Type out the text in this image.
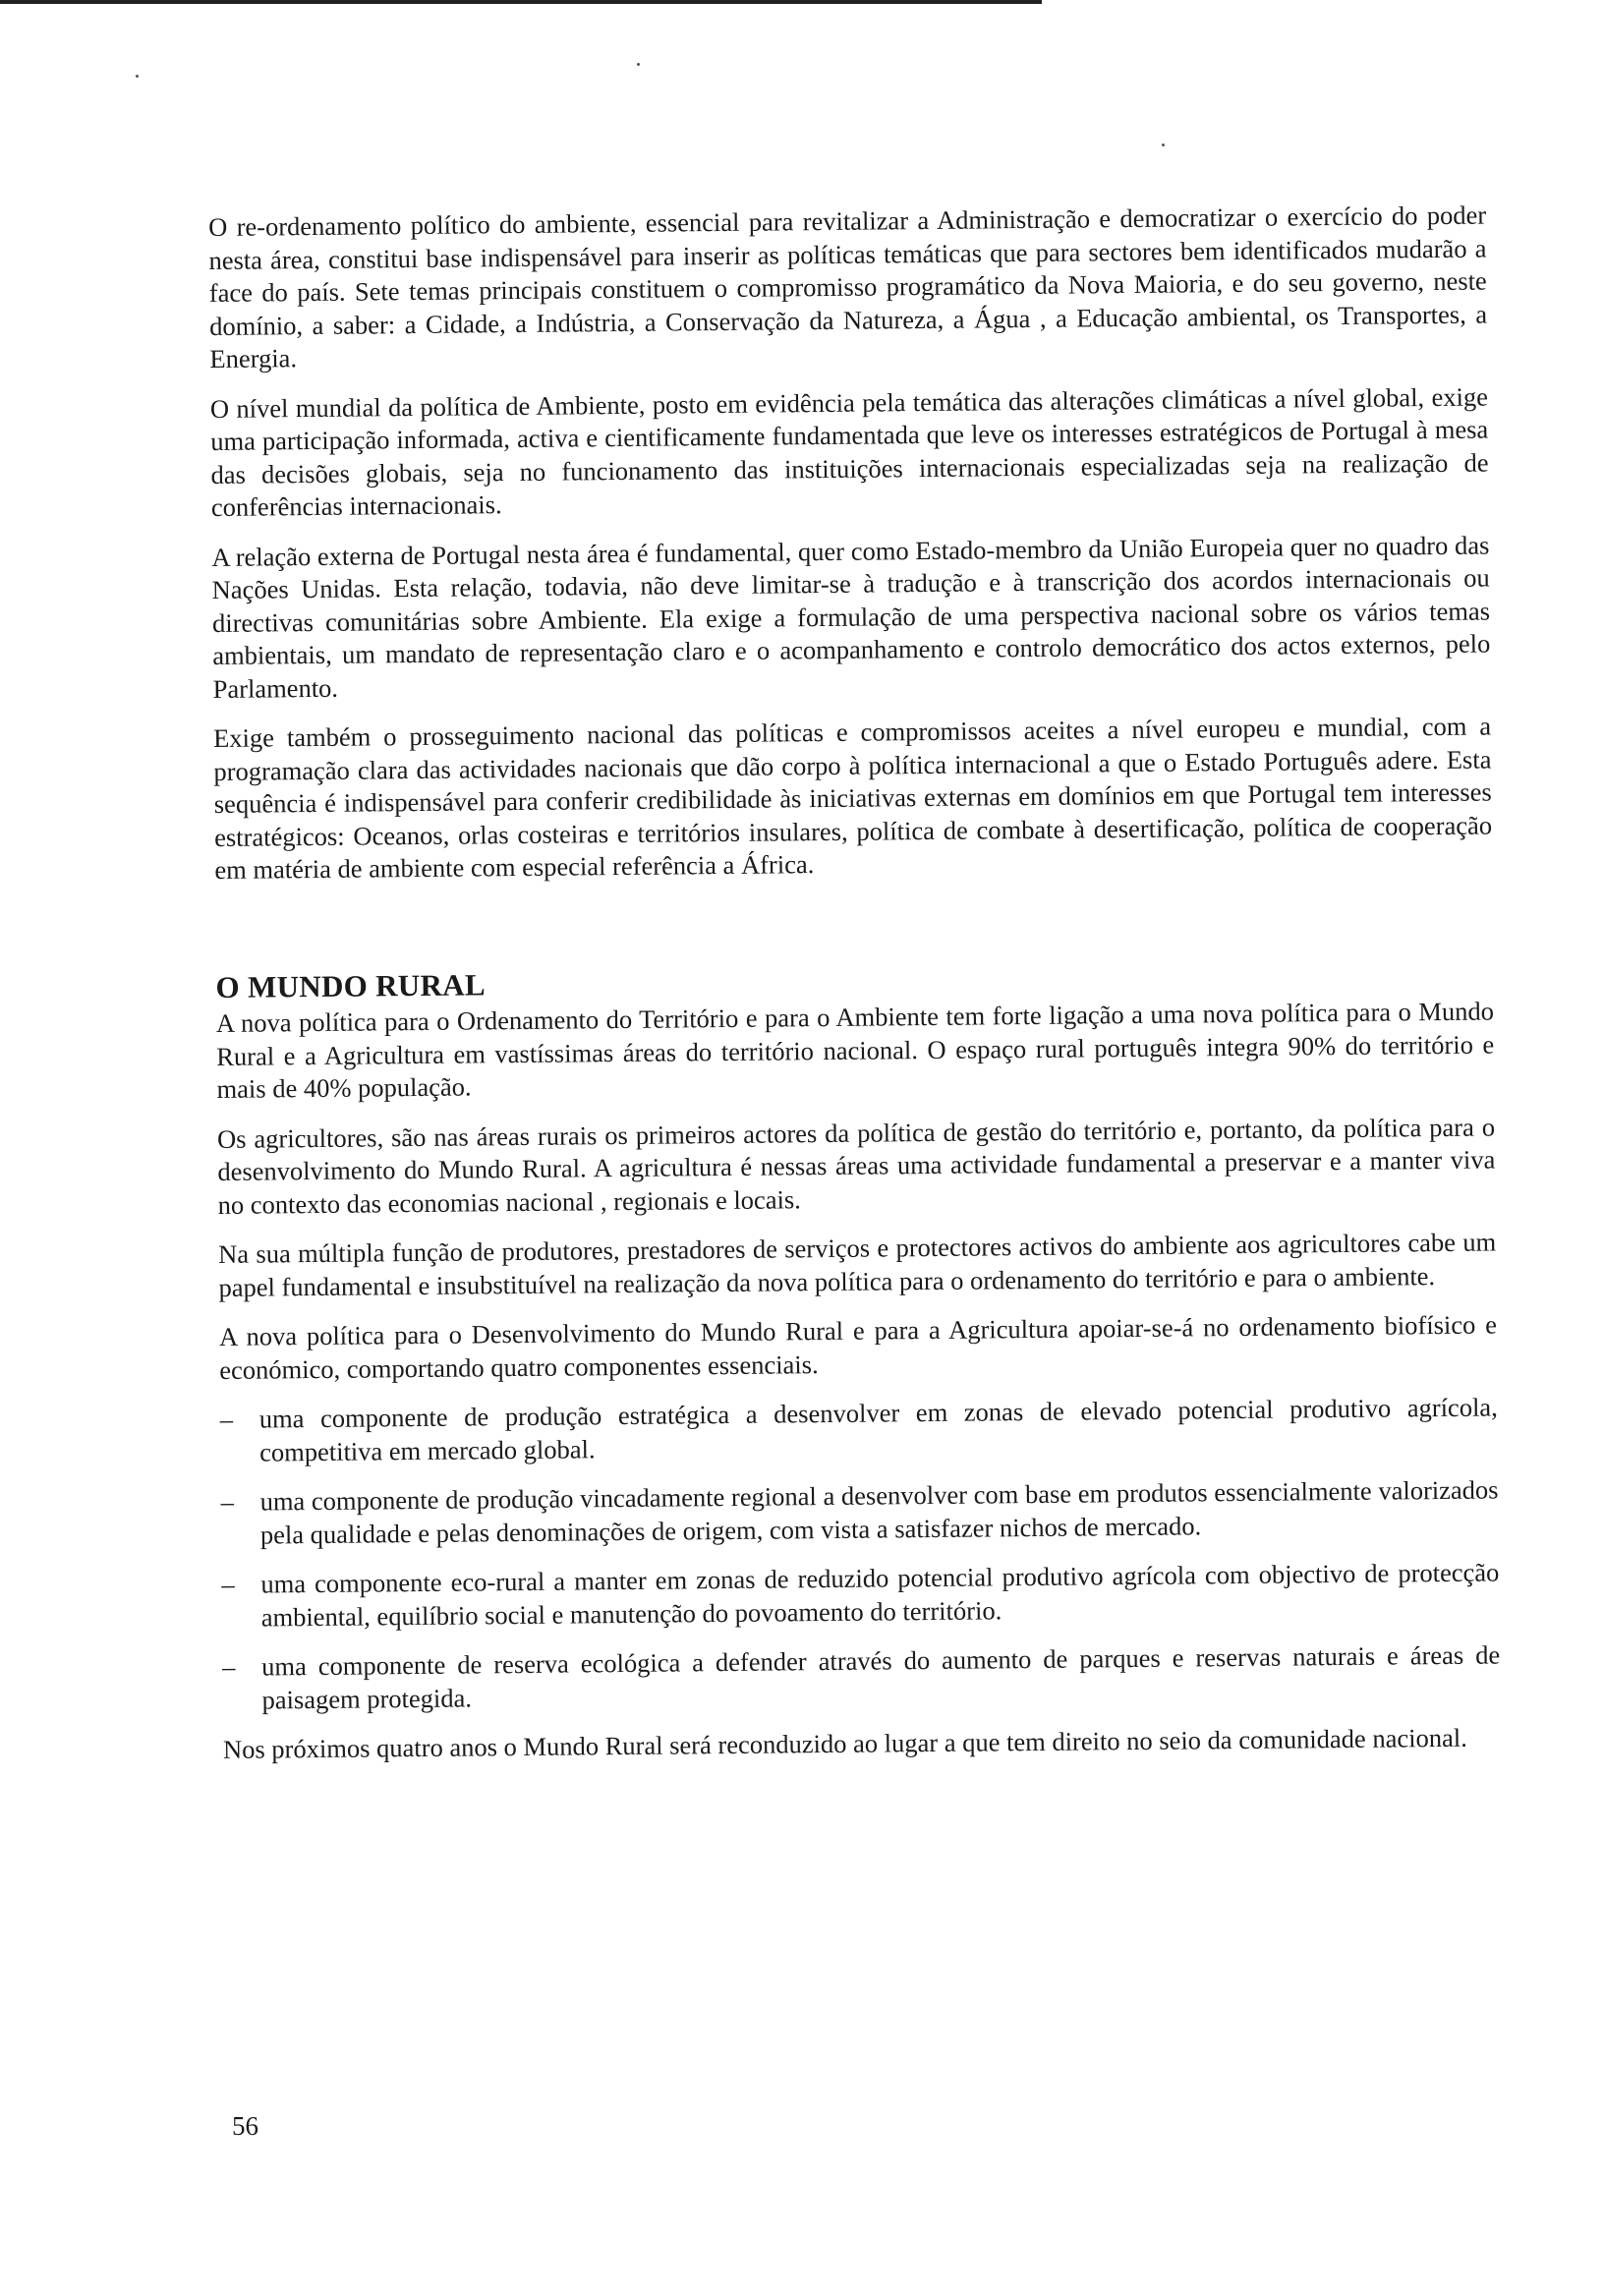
O re-ordenamento político do ambiente, essencial para revitalizar a Administração e democratizar o exercício do poder nesta área, constitui base indispensável para inserir as políticas temáticas que para sectores bem identificados mudarão a face do país. Sete temas principais constituem o compromisso programático da Nova Maioria, e do seu governo, neste domínio, a saber: a Cidade, a Indústria, a Conservação da Natureza, a Água , a Educação ambiental, os Transportes, a Energia.

O nível mundial da política de Ambiente, posto em evidência pela temática das alterações climáticas a nível global, exige uma participação informada, activa e cientificamente fundamentada que leve os interesses estratégicos de Portugal à mesa das decisões globais, seja no funcionamento das instituições internacionais especializadas seja na realização de conferências internacionais.

A relação externa de Portugal nesta área é fundamental, quer como Estado-membro da União Europeia quer no quadro das Nações Unidas. Esta relação, todavia, não deve limitar-se à tradução e à transcrição dos acordos internacionais ou directivas comunitárias sobre Ambiente. Ela exige a formulação de uma perspectiva nacional sobre os vários temas ambientais, um mandato de representação claro e o acompanhamento e controlo democrático dos actos externos, pelo Parlamento.

Exige também o prosseguimento nacional das políticas e compromissos aceites a nível europeu e mundial, com a programação clara das actividades nacionais que dão corpo à política internacional a que o Estado Português adere. Esta sequência é indispensável para conferir credibilidade às iniciativas externas em domínios em que Portugal tem interesses estratégicos: Oceanos, orlas costeiras e territórios insulares, política de combate à desertificação, política de cooperação em matéria de ambiente com especial referência a África.

O MUNDO RURAL

A nova política para o Ordenamento do Território e para o Ambiente tem forte ligação a uma nova política para o Mundo Rural e a Agricultura em vastíssimas áreas do território nacional. O espaço rural português integra 90% do território e mais de 40% população.

Os agricultores, são nas áreas rurais os primeiros actores da política de gestão do território e, portanto, da política para o desenvolvimento do Mundo Rural. A agricultura é nessas áreas uma actividade fundamental a preservar e a manter viva no contexto das economias nacional , regionais e locais.

Na sua múltipla função de produtores, prestadores de serviços e protectores activos do ambiente aos agricultores cabe um papel fundamental e insubstituível na realização da nova política para o ordenamento do território e para o ambiente.

A nova política para o Desenvolvimento do Mundo Rural e para a Agricultura apoiar-se-á no ordenamento biofísico e económico, comportando quatro componentes essenciais.

– uma componente de produção estratégica a desenvolver em zonas de elevado potencial produtivo agrícola, competitiva em mercado global.
– uma componente de produção vincadamente regional a desenvolver com base em produtos essencialmente valorizados pela qualidade e pelas denominações de origem, com vista a satisfazer nichos de mercado.
– uma componente eco-rural a manter em zonas de reduzido potencial produtivo agrícola com objectivo de protecção ambiental, equilíbrio social e manutenção do povoamento do território.
– uma componente de reserva ecológica a defender através do aumento de parques e reservas naturais e áreas de paisagem protegida.

Nos próximos quatro anos o Mundo Rural será reconduzido ao lugar a que tem direito no seio da comunidade nacional.

56
